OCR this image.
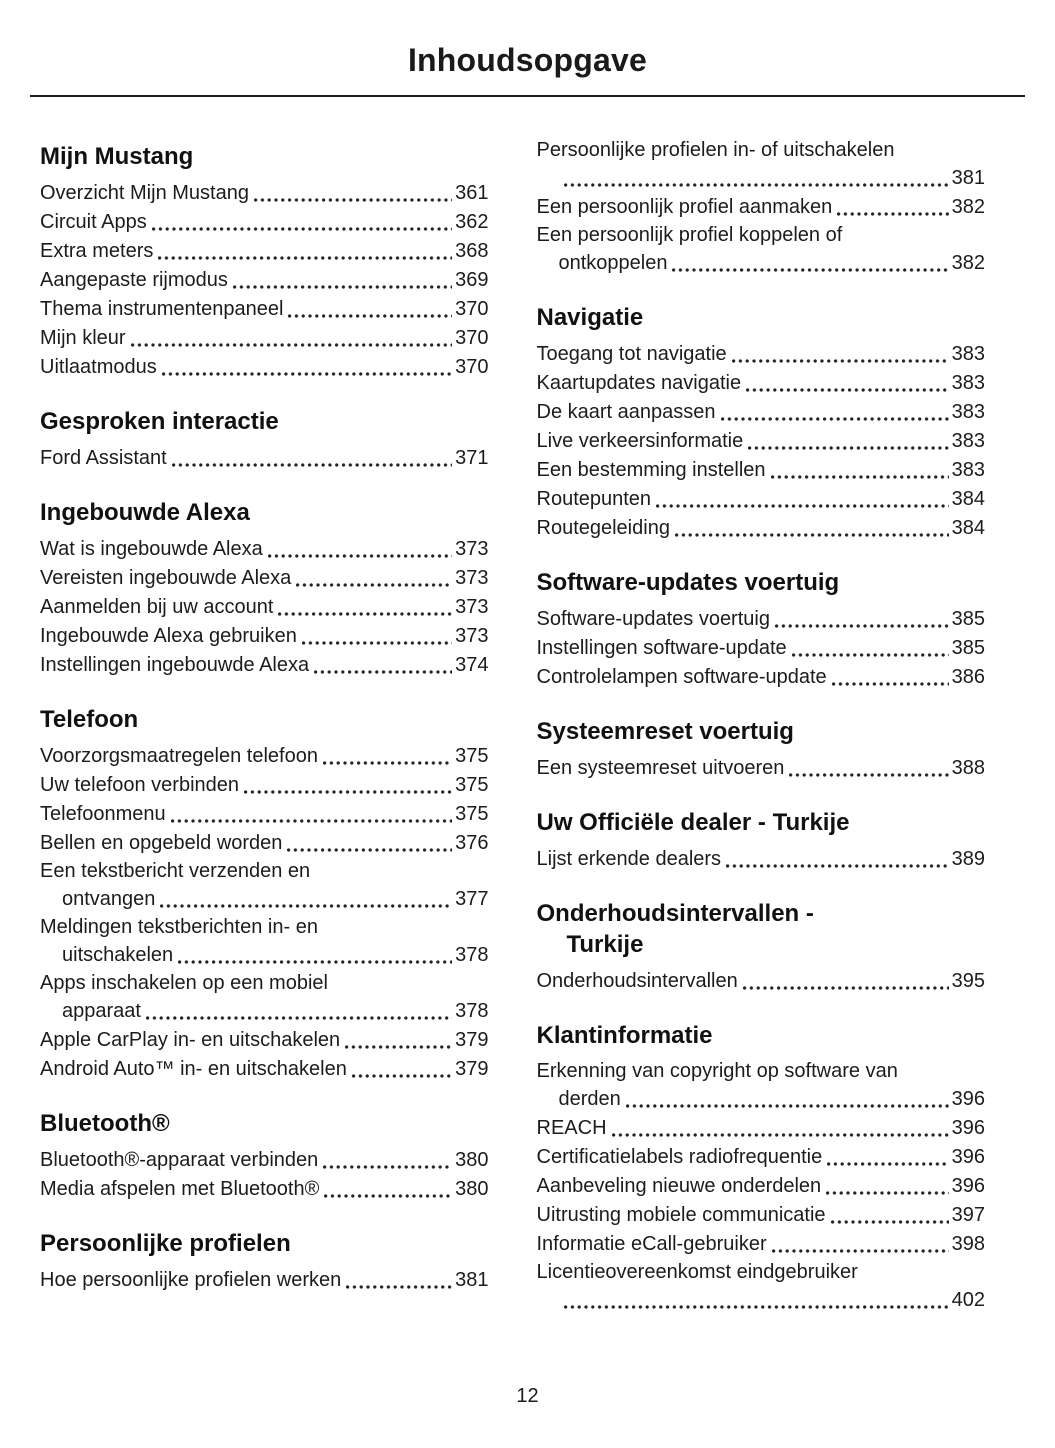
Inhoudsopgave
Mijn Mustang
Overzicht Mijn Mustang	361
Circuit Apps	362
Extra meters	368
Aangepaste rijmodus	369
Thema instrumentenpaneel	370
Mijn kleur	370
Uitlaatmodus	370
Gesproken interactie
Ford Assistant	371
Ingebouwde Alexa
Wat is ingebouwde Alexa	373
Vereisten ingebouwde Alexa	373
Aanmelden bij uw account	373
Ingebouwde Alexa gebruiken	373
Instellingen ingebouwde Alexa	374
Telefoon
Voorzorgsmaatregelen telefoon	375
Uw telefoon verbinden	375
Telefoonmenu	375
Bellen en opgebeld worden	376
Een tekstbericht verzenden en
ontvangen	377
Meldingen tekstberichten in- en
uitschakelen	378
Apps inschakelen op een mobiel
apparaat	378
Apple CarPlay in- en uitschakelen	379
Android Auto™ in- en uitschakelen	379
Bluetooth®
Bluetooth®-apparaat verbinden	380
Media afspelen met Bluetooth®	380
Persoonlijke profielen
Hoe persoonlijke profielen werken	381
Persoonlijke profielen in- of uitschakelen
381
Een persoonlijk profiel aanmaken	382
Een persoonlijk profiel koppelen of
ontkoppelen	382
Navigatie
Toegang tot navigatie	383
Kaartupdates navigatie	383
De kaart aanpassen	383
Live verkeersinformatie	383
Een bestemming instellen	383
Routepunten	384
Routegeleiding	384
Software-updates voertuig
Software-updates voertuig	385
Instellingen software-update	385
Controlelampen software-update	386
Systeemreset voertuig
Een systeemreset uitvoeren	388
Uw Officiële dealer - Turkije
Lijst erkende dealers	389
Onderhoudsintervallen -
Turkije
Onderhoudsintervallen	395
Klantinformatie
Erkenning van copyright op software van
derden	396
REACH	396
Certificatielabels radiofrequentie	396
Aanbeveling nieuwe onderdelen	396
Uitrusting mobiele communicatie	397
Informatie eCall-gebruiker	398
Licentieovereenkomst eindgebruiker
402
12
